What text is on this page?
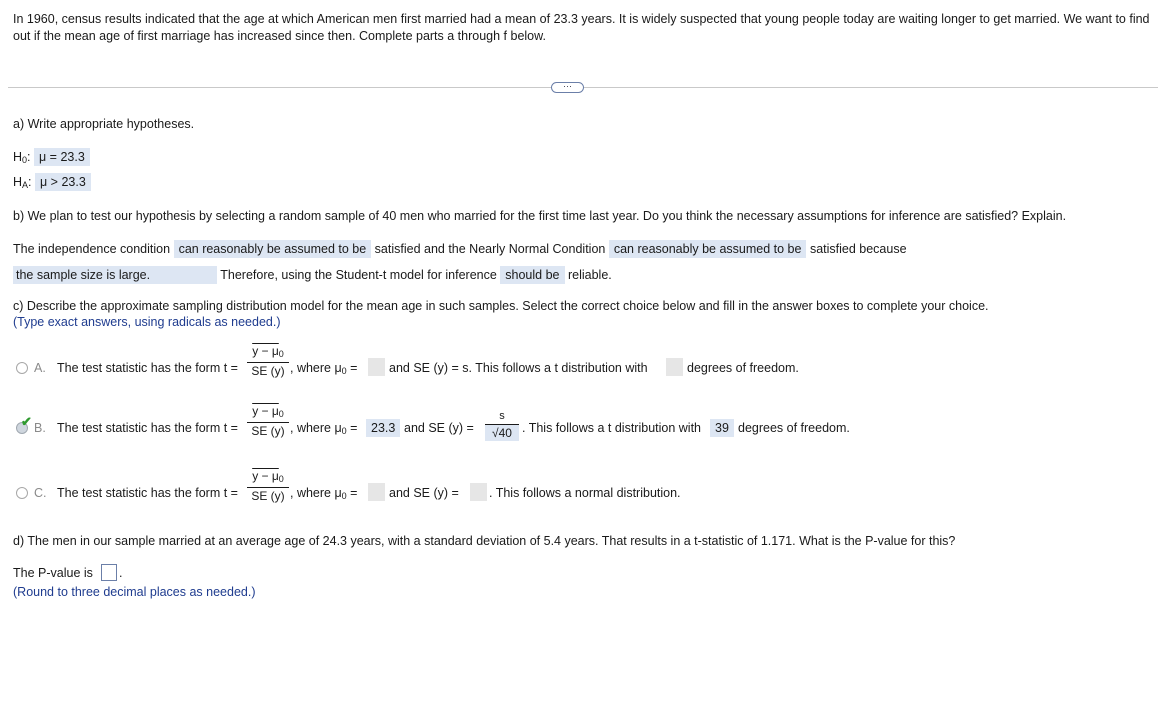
In 1960, census results indicated that the age at which American men first married had a mean of 23.3 years. It is widely suspected that young people today are waiting longer to get married. We want to find out if the mean age of first marriage has increased since then. Complete parts a through f below.
···
a) Write appropriate hypotheses.
$H_0$: μ = 23.3
$H_A$: μ > 23.3
b) We plan to test our hypothesis by selecting a random sample of 40 men who married for the first time last year. Do you think the necessary assumptions for inference are satisfied? Explain.
The independence condition can reasonably be assumed to be satisfied and the Nearly Normal Condition can reasonably be assumed to be satisfied because
the sample size is large.	Therefore, using the Student-t model for inference should be reliable.
c) Describe the approximate sampling distribution model for the mean age in such samples. Select the correct choice below and fill in the answer boxes to complete your choice.
(Type exact answers, using radicals as needed.)
A. The test statistic has the form t =
$y - \mu_0$
SE (y) , where $\mu_0$ =	and SE (y) = s. This follows a t distribution with	degrees of freedom.
✔ B. The test statistic has the form t =
$y - \mu_0$
SE (y) , where $\mu_0$ =	23.3 and SE (y) =
s
√40 . This follows a t distribution with	39 degrees of freedom.
C. The test statistic has the form t =
$y - \mu_0$
SE (y) , where $\mu_0$ =	and SE (y) = . This follows a normal distribution.
d) The men in our sample married at an average age of 24.3 years, with a standard deviation of 5.4 years. That results in a t-statistic of 1.171. What is the P-value for this?
The P-value is .
(Round to three decimal places as needed.)
